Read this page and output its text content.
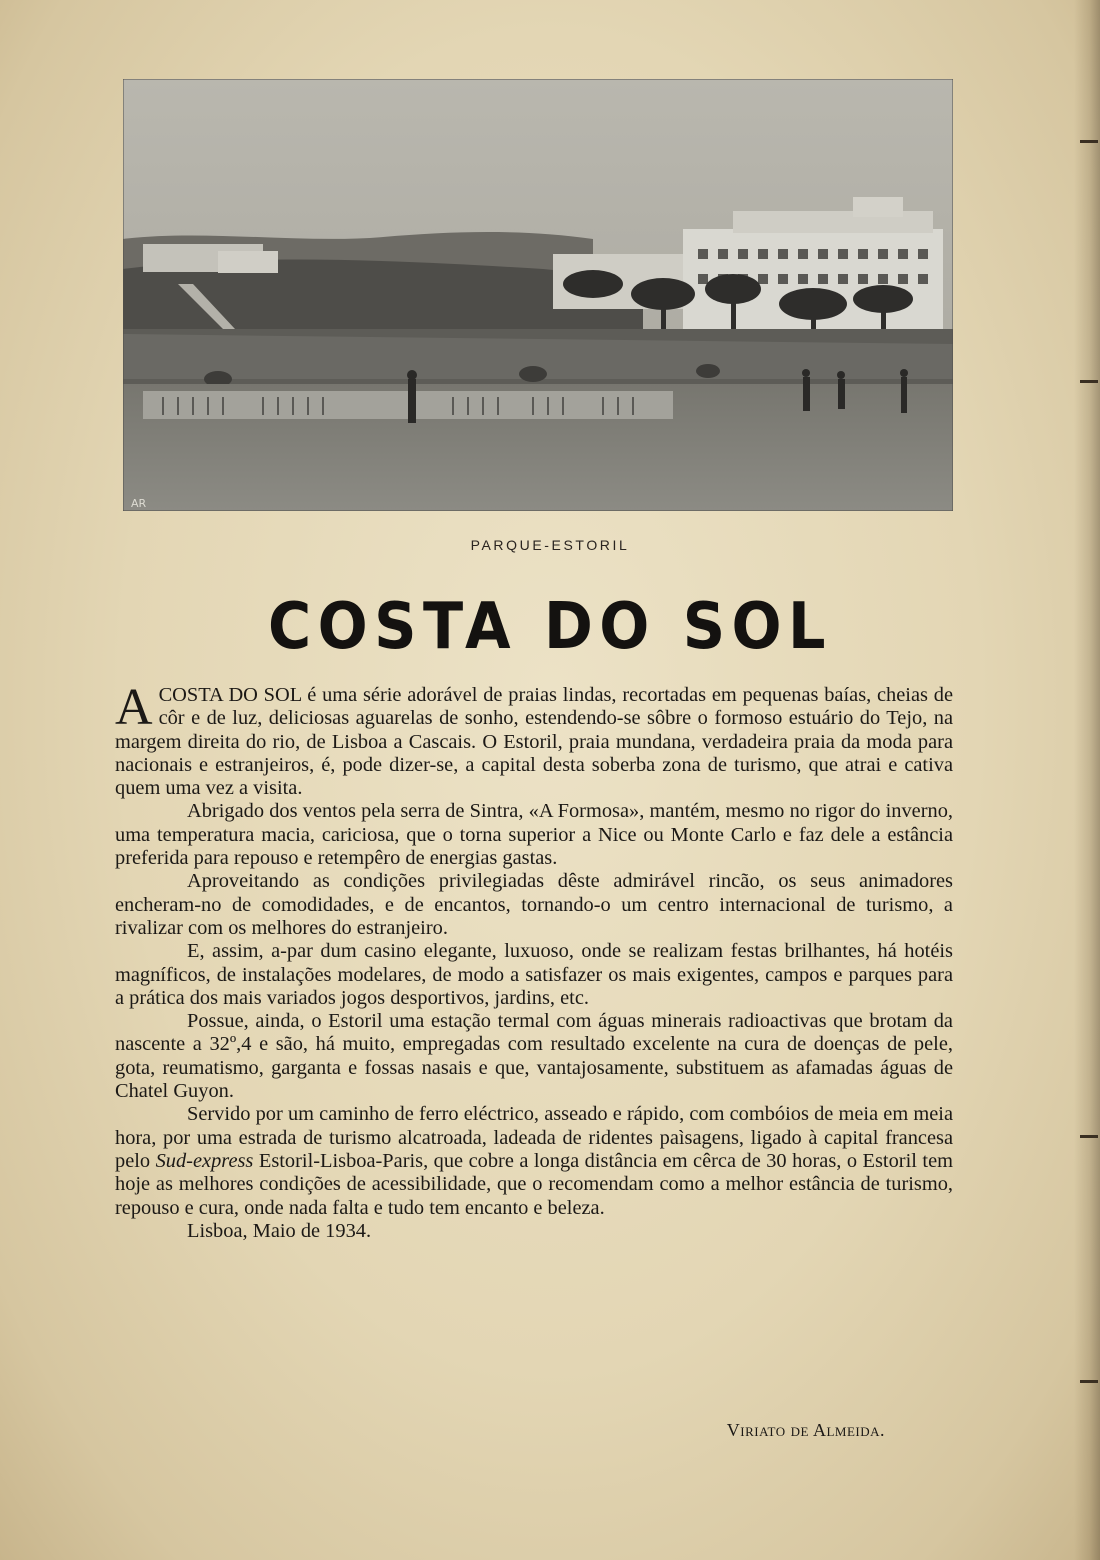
AR
PARQUE-ESTORIL
COSTA DO SOL

ACOSTA DO SOL é uma série adorável de praias lindas, recortadas em pequenas baías, cheias de côr e de luz, deliciosas aguarelas de sonho, estendendo-se sôbre o formoso estuário do Tejo, na margem direita do rio, de Lisboa a Cascais. O Estoril, praia mundana, verdadeira praia da moda para nacionais e estranjeiros, é, pode dizer-se, a capital desta soberba zona de turismo, que atrai e cativa quem uma vez a visita.

Abrigado dos ventos pela serra de Sintra, «A Formosa», mantém, mesmo no rigor do inverno, uma temperatura macia, cariciosa, que o torna superior a Nice ou Monte Carlo e faz dele a estância preferida para repouso e retempêro de energias gastas.

Aproveitando as condições privilegiadas dêste admirável rincão, os seus animadores encheram-no de comodidades, e de encantos, tornando-o um centro internacional de turismo, a rivalizar com os melhores do estranjeiro.

E, assim, a-par dum casino elegante, luxuoso, onde se realizam festas brilhantes, há hotéis magníficos, de instalações modelares, de modo a satisfazer os mais exigentes, campos e parques para a prática dos mais variados jogos desportivos, jardins, etc.

Possue, ainda, o Estoril uma estação termal com águas minerais radioactivas que brotam da nascente a 32º,4 e são, há muito, empregadas com resultado excelente na cura de doenças de pele, gota, reumatismo, garganta e fossas nasais e que, vantajosamente, substituem as afamadas águas de Chatel Guyon.

Servido por um caminho de ferro eléctrico, asseado e rápido, com combóios de meia em meia hora, por uma estrada de turismo alcatroada, ladeada de ridentes paìsagens, ligado à capital francesa pelo Sud-express Estoril-Lisboa-Paris, que cobre a longa distância em cêrca de 30 horas, o Estoril tem hoje as melhores condições de acessibilidade, que o recomendam como a melhor estância de turismo, repouso e cura, onde nada falta e tudo tem encanto e beleza.

Lisboa, Maio de 1934.

Viriato de Almeida.
